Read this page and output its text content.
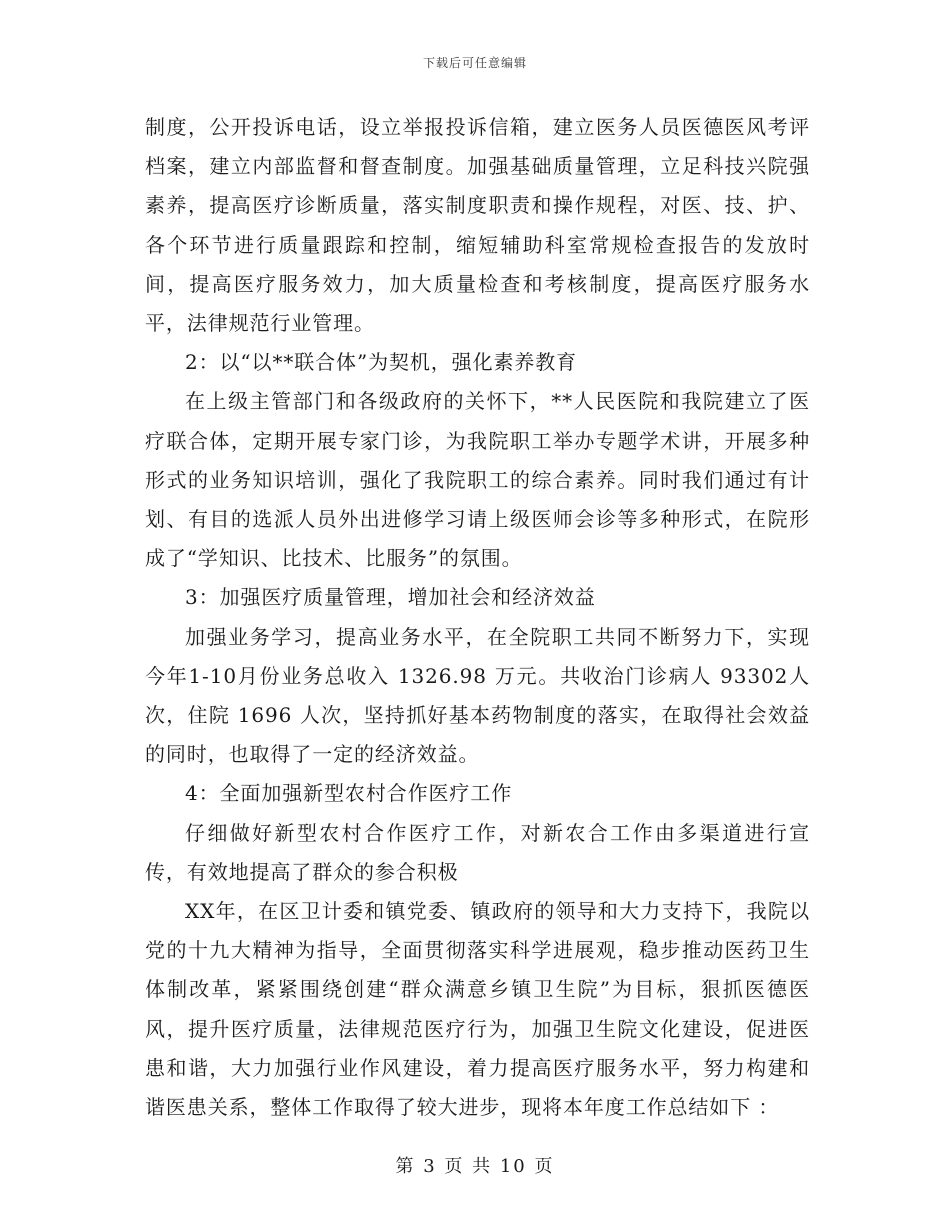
下载后可任意编辑

制度，公开投诉电话，设立举报投诉信箱，建立医务人员医德医风考评档案，建立内部监督和督查制度。加强基础质量管理，立足科技兴院强素养，提高医疗诊断质量，落实制度职责和操作规程，对医、技、护、各个环节进行质量跟踪和控制，缩短辅助科室常规检查报告的发放时间，提高医疗服务效力，加大质量检查和考核制度，提高医疗服务水平，法律规范行业管理。

2：以“以**联合体”为契机，强化素养教育

在上级主管部门和各级政府的关怀下，**人民医院和我院建立了医疗联合体，定期开展专家门诊，为我院职工举办专题学术讲，开展多种形式的业务知识培训，强化了我院职工的综合素养。同时我们通过有计划、有目的选派人员外出进修学习请上级医师会诊等多种形式，在院形成了“学知识、比技术、比服务”的氛围。

3：加强医疗质量管理，增加社会和经济效益

加强业务学习，提高业务水平，在全院职工共同不断努力下，实现今年1-10月份业务总收入 1326.98 万元。共收治门诊病人 93302人次，住院 1696 人次，坚持抓好基本药物制度的落实，在取得社会效益的同时，也取得了一定的经济效益。

4：全面加强新型农村合作医疗工作

仔细做好新型农村合作医疗工作，对新农合工作由多渠道进行宣传，有效地提高了群众的参合积极

XX年，在区卫计委和镇党委、镇政府的领导和大力支持下，我院以党的十九大精神为指导，全面贯彻落实科学进展观，稳步推动医药卫生体制改革，紧紧围绕创建“群众满意乡镇卫生院”为目标，狠抓医德医风，提升医疗质量，法律规范医疗行为，加强卫生院文化建设，促进医患和谐，大力加强行业作风建设，着力提高医疗服务水平，努力构建和谐医患关系，整体工作取得了较大进步，现将本年度工作总结如下 ：

第 3 页 共 10 页
